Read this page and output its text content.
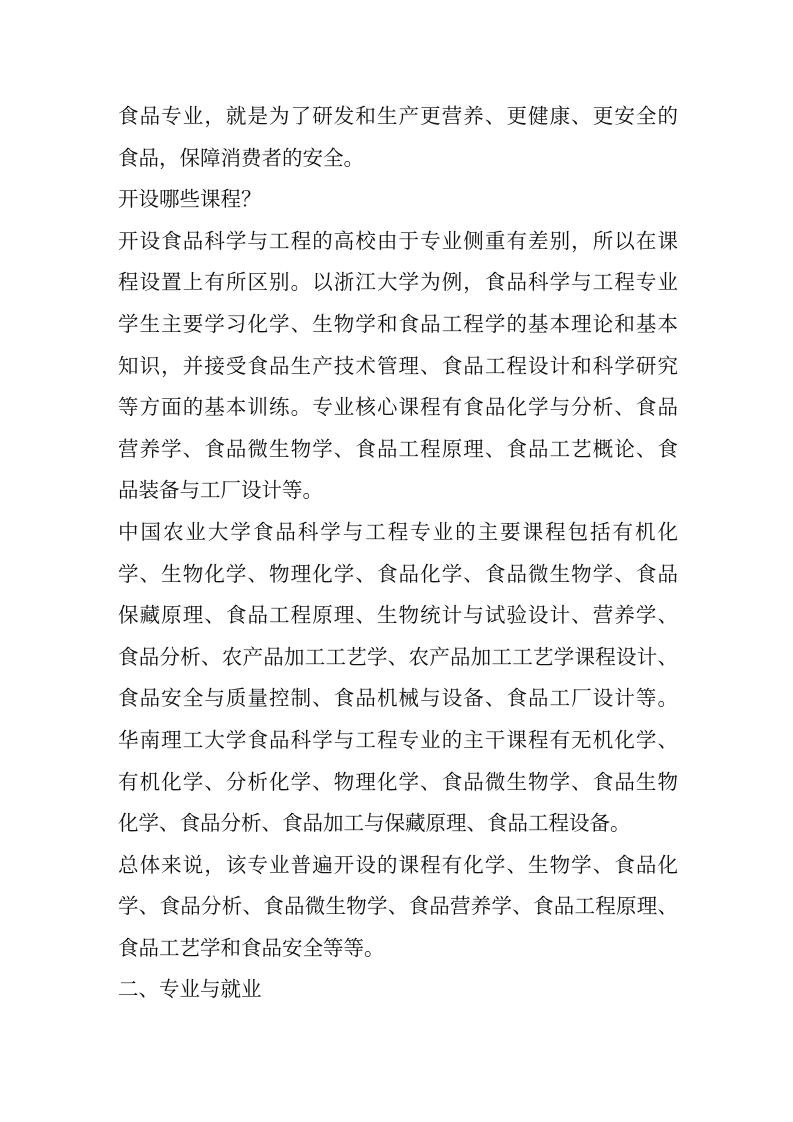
食品专业，就是为了研发和生产更营养、更健康、更安全的
食品，保障消费者的安全。
开设哪些课程？
开设食品科学与工程的高校由于专业侧重有差别，所以在课
程设置上有所区别。以浙江大学为例，食品科学与工程专业
学生主要学习化学、生物学和食品工程学的基本理论和基本
知识，并接受食品生产技术管理、食品工程设计和科学研究
等方面的基本训练。专业核心课程有食品化学与分析、食品
营养学、食品微生物学、食品工程原理、食品工艺概论、食
品装备与工厂设计等。
中国农业大学食品科学与工程专业的主要课程包括有机化
学、生物化学、物理化学、食品化学、食品微生物学、食品
保藏原理、食品工程原理、生物统计与试验设计、营养学、
食品分析、农产品加工工艺学、农产品加工工艺学课程设计、
食品安全与质量控制、食品机械与设备、食品工厂设计等。
华南理工大学食品科学与工程专业的主干课程有无机化学、
有机化学、分析化学、物理化学、食品微生物学、食品生物
化学、食品分析、食品加工与保藏原理、食品工程设备。
总体来说，该专业普遍开设的课程有化学、生物学、食品化
学、食品分析、食品微生物学、食品营养学、食品工程原理、
食品工艺学和食品安全等等。
二、专业与就业
